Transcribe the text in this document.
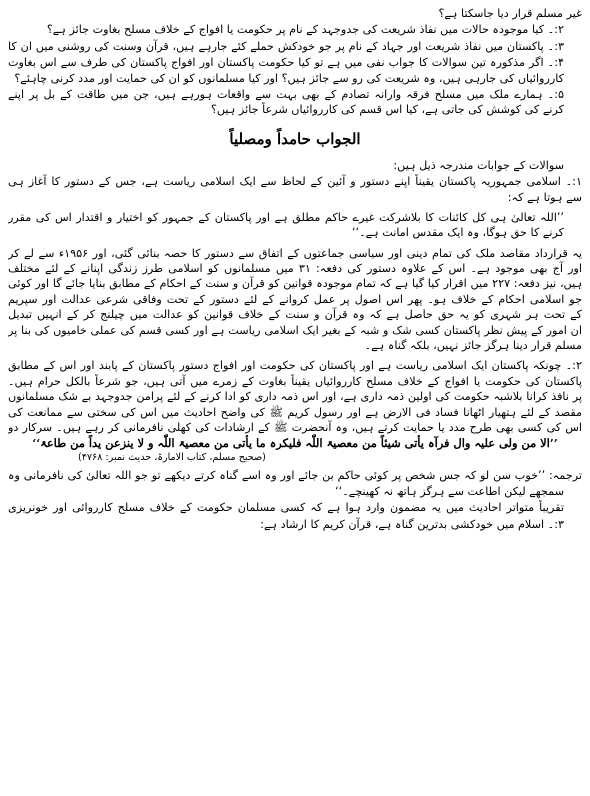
غیر مسلم قرار دیا جاسکتا ہے؟
۲:۔ کیا موجودہ حالات میں نفاذ شریعت کی جدوجہد کے نام پر حکومت یا افواج کے خلاف مسلح بغاوت جائز ہے؟
۳:۔ پاکستان میں نفاذ شریعت اور جہاد کے نام پر جو خودکش حملے کئے جارہے ہیں، قرآن وسنت کی روشنی میں ان کا
۴:۔ اگر مذکورہ تین سوالات کا جواب نفی میں ہے تو کیا حکومت پاکستان اور افواج پاکستان کی طرف سے اس بغاوت
کارروائیاں کی جارہی ہیں، وہ شریعت کی رو سے جائز ہیں؟ اور کیا مسلمانوں کو ان کی حمایت اور مدد کرنی چاہئے؟
۵:۔ ہمارے ملک میں مسلح فرقہ وارانہ تصادم کے بھی بہت سے واقعات ہورہے ہیں، جن میں طاقت کے بل پر اپنے
کرنے کی کوشش کی جاتی ہے، کیا اس قسم کی کارروائیاں شرعاً جائز ہیں؟
الجواب حامداً ومصلیاً
سوالات کے جوابات مندرجہ ذیل ہیں:
۱:۔ اسلامی جمہوریہ پاکستان یقیناً اپنے دستور و آئین کے لحاظ سے ایک اسلامی ریاست ہے، جس کے دستور کا آغاز ہی
سے ہوتا ہے کہ:
’’اللہ تعالیٰ ہی کل کائنات کا بلاشرکت غیرے حاکم مطلق ہے اور پاکستان کے جمہور کو اختیار و اقتدار اس کی مقرر
کرنے کا حق ہوگا، وہ ایک مقدس امانت ہے۔‘‘
یہ قرارداد مقاصد ملک کی تمام دینی اور سیاسی جماعتوں کے اتفاق سے دستور کا حصہ بنائی گئی، اور ۱۹۵۶ء سے لے کر
اور آج بھی موجود ہے۔ اس کے علاوہ دستور کی دفعہ: ۳۱ میں مسلمانوں کو اسلامی طرز زندگی اپنانے کے لئے مختلف
ہیں، نیز دفعہ: ۲۲۷ میں اقرار کیا گیا ہے کہ تمام موجودہ قوانین کو قرآن و سنت کے احکام کے مطابق بنایا جائے گا اور کوئی
جو اسلامی احکام کے خلاف ہو۔ پھر اس اصول پر عمل کروانے کے لئے دستور کے تحت وفاقی شرعی عدالت اور سپریم
کے تحت ہر شہری کو یہ حق حاصل ہے کہ وہ قرآن و سنت کے خلاف قوانین کو عدالت میں چیلنج کر کے انہیں تبدیل
ان امور کے پیش نظر پاکستان کسی شک و شبہ کے بغیر ایک اسلامی ریاست ہے اور کسی قسم کی عملی خامیوں کی بنا پر
مسلم قرار دینا ہرگز جائز نہیں، بلکہ گناہ ہے۔
۲:۔ چونکہ پاکستان ایک اسلامی ریاست ہے اور پاکستان کی حکومت اور افواج دستور پاکستان کے پابند اور اس کے مطابق
پاکستان کی حکومت یا افواج کے خلاف مسلح کارروائیاں یقیناً بغاوت کے زمرے میں آتی ہیں، جو شرعاً بالکل حرام ہیں۔
پر نافذ کرانا بلاشبہ حکومت کی اولین ذمہ داری ہے، اور اس ذمہ داری کو ادا کرنے کے لئے پرامن جدوجہد بے شک مسلمانوں
مقصد کے لئے ہتھیار اٹھانا فساد فی الارض ہے اور رسول کریم ﷺ کی واضح احادیث میں اس کی سختی سے ممانعت کی
اس کی کسی بھی طرح مدد یا حمایت کرتے ہیں، وہ آنحضرت ﷺ کے ارشادات کی کھلی نافرمانی کر رہے ہیں۔ سرکار دو
’’الا من ولی علیہ وال فرآہ یأتی شیئاً من معصیۃ اللّٰہ فلیکرہ ما یأتی من معصیۃ اللّٰہ و لا ینزعن یداً من طاعۃ‘‘
(صحیح مسلم، کتاب الامارۃ، حدیث نمبر: ۴۷۶۸)
ترجمہ: ’’خوب سن لو کہ جس شخص پر کوئی حاکم بن جائے اور وہ اسے گناہ کرتے دیکھے تو جو اللہ تعالیٰ کی نافرمانی وہ
سمجھے لیکن اطاعت سے ہرگز ہاتھ نہ کھینچے۔‘‘
تقریباً متواتر احادیث میں یہ مضمون وارد ہوا ہے کہ کسی مسلمان حکومت کے خلاف مسلح کارروائی اور خونریزی
۳:۔ اسلام میں خودکشی بدترین گناہ ہے، قرآن کریم کا ارشاد ہے:
